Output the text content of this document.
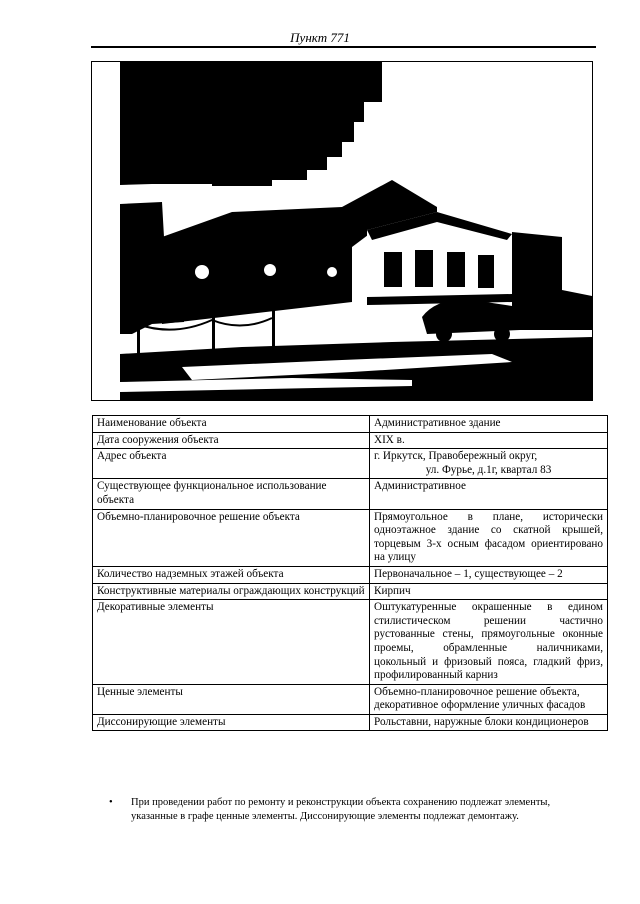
Пункт 771
Наименование объекта	Административное здание
Дата сооружения объекта	XIX в.
Адрес объекта	г. Иркутск, Правобережный округ,
ул. Фурье, д.1г, квартал 83

Существующее функциональное использование объекта	Административное
Объемно-планировочное решение объекта	Прямоугольное в плане, исторически одноэтажное здание со скатной крышей, торцевым 3-х осным фасадом ориентировано на улицу
Количество надземных этажей объекта	Первоначальное – 1, существующее – 2
Конструктивные материалы ограждающих конструкций	Кирпич
Декоративные элементы	Оштукатуренные окрашенные в едином стилистическом решении частично рустованные стены, прямоугольные оконные проемы, обрамленные наличниками, цокольный и фризовый пояса, гладкий фриз, профилированный карниз
Ценные элементы	Объемно-планировочное решение объекта, декоративное оформление уличных фасадов
Диссонирующие элементы	Рольставни, наружные блоки кондиционеров
• При проведении работ по ремонту и реконструкции объекта сохранению подлежат элементы, указанные в графе ценные элементы. Диссонирующие элементы подлежат демонтажу.
